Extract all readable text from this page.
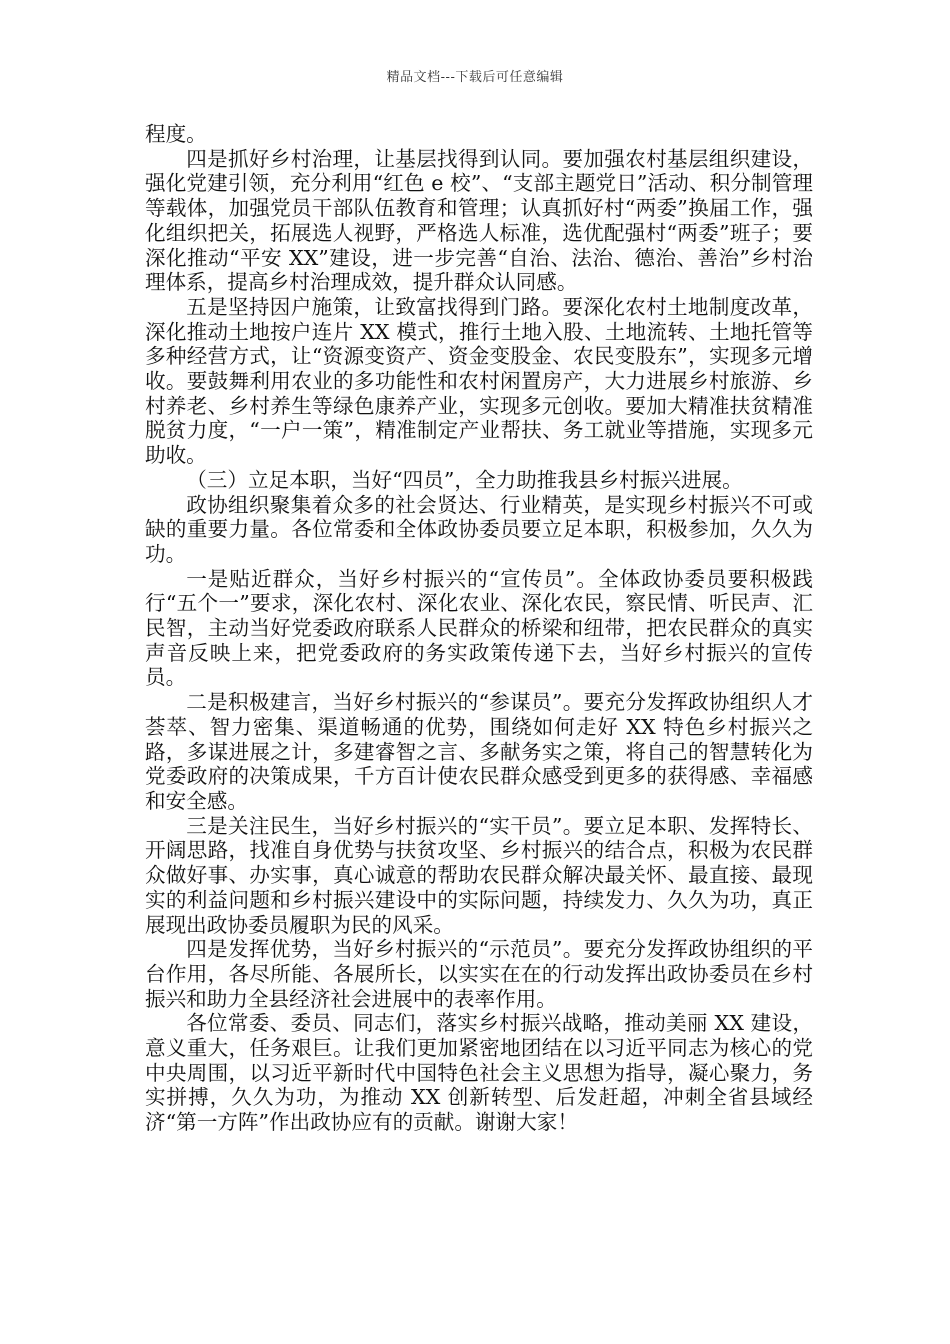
精品文档---下载后可任意编辑

程度。

四是抓好乡村治理，让基层找得到认同。要加强农村基层组织建设，强化党建引领，充分利用“红色 e 校”、“支部主题党日”活动、积分制管理等载体，加强党员干部队伍教育和管理；认真抓好村“两委”换届工作，强化组织把关，拓展选人视野，严格选人标准，选优配强村“两委”班子；要深化推动“平安 XX”建设，进一步完善“自治、法治、德治、善治”乡村治理体系，提高乡村治理成效，提升群众认同感。

五是坚持因户施策，让致富找得到门路。要深化农村土地制度改革，深化推动土地按户连片 XX 模式，推行土地入股、土地流转、土地托管等多种经营方式，让“资源变资产、资金变股金、农民变股东”，实现多元增收。要鼓舞利用农业的多功能性和农村闲置房产，大力进展乡村旅游、乡村养老、乡村养生等绿色康养产业，实现多元创收。要加大精准扶贫精准脱贫力度，“一户一策”，精准制定产业帮扶、务工就业等措施，实现多元助收。

（三）立足本职，当好“四员”，全力助推我县乡村振兴进展。

政协组织聚集着众多的社会贤达、行业精英，是实现乡村振兴不可或缺的重要力量。各位常委和全体政协委员要立足本职，积极参加，久久为功。

一是贴近群众，当好乡村振兴的“宣传员”。全体政协委员要积极践行“五个一”要求，深化农村、深化农业、深化农民，察民情、听民声、汇民智，主动当好党委政府联系人民群众的桥梁和纽带，把农民群众的真实声音反映上来，把党委政府的务实政策传递下去，当好乡村振兴的宣传员。

二是积极建言，当好乡村振兴的“参谋员”。要充分发挥政协组织人才荟萃、智力密集、渠道畅通的优势，围绕如何走好 XX 特色乡村振兴之路，多谋进展之计，多建睿智之言、多献务实之策，将自己的智慧转化为党委政府的决策成果，千方百计使农民群众感受到更多的获得感、幸福感和安全感。

三是关注民生，当好乡村振兴的“实干员”。要立足本职、发挥特长、开阔思路，找准自身优势与扶贫攻坚、乡村振兴的结合点，积极为农民群众做好事、办实事，真心诚意的帮助农民群众解决最关怀、最直接、最现实的利益问题和乡村振兴建设中的实际问题，持续发力、久久为功，真正展现出政协委员履职为民的风采。

四是发挥优势，当好乡村振兴的“示范员”。要充分发挥政协组织的平台作用，各尽所能、各展所长，以实实在在的行动发挥出政协委员在乡村振兴和助力全县经济社会进展中的表率作用。

各位常委、委员、同志们，落实乡村振兴战略，推动美丽 XX 建设，意义重大，任务艰巨。让我们更加紧密地团结在以习近平同志为核心的党中央周围，以习近平新时代中国特色社会主义思想为指导，凝心聚力，务实拼搏，久久为功，为推动 XX 创新转型、后发赶超，冲刺全省县域经济“第一方阵”作出政协应有的贡献。谢谢大家！
